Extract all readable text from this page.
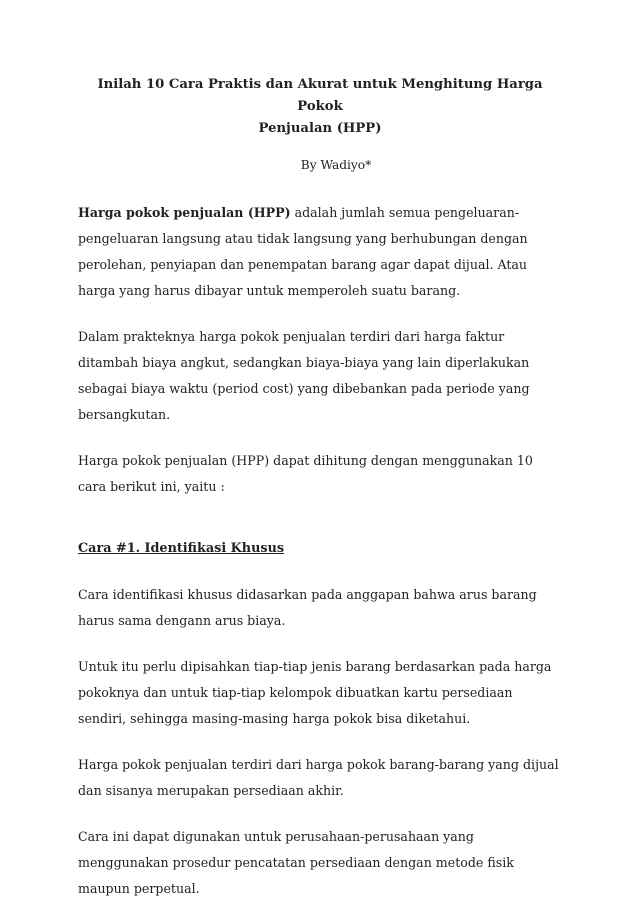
Inilah 10 Cara Praktis dan Akurat untuk Menghitung Harga Pokok
Penjualan (HPP)
By Wadiyo*

Harga pokok penjualan (HPP) adalah jumlah semua pengeluaran-pengeluaran langsung atau tidak langsung yang berhubungan dengan perolehan, penyiapan dan penempatan barang agar dapat dijual. Atau harga yang harus dibayar untuk memperoleh suatu barang.

Dalam prakteknya harga pokok penjualan terdiri dari harga faktur ditambah biaya angkut, sedangkan biaya-biaya yang lain diperlakukan sebagai biaya waktu (period cost) yang dibebankan pada periode yang bersangkutan.

Harga pokok penjualan (HPP) dapat dihitung dengan menggunakan 10 cara berikut ini, yaitu :

Cara #1. Identifikasi Khusus

Cara identifikasi khusus didasarkan pada anggapan bahwa arus barang harus sama dengann arus biaya.

Untuk itu perlu dipisahkan tiap-tiap jenis barang berdasarkan pada harga pokoknya dan untuk tiap-tiap kelompok dibuatkan kartu persediaan sendiri, sehingga masing-masing harga pokok bisa diketahui.

Harga pokok penjualan terdiri dari harga pokok barang-barang yang dijual dan sisanya merupakan persediaan akhir.

Cara ini dapat digunakan untuk perusahaan-perusahaan yang menggunakan prosedur pencatatan persediaan dengan metode fisik maupun perpetual.
